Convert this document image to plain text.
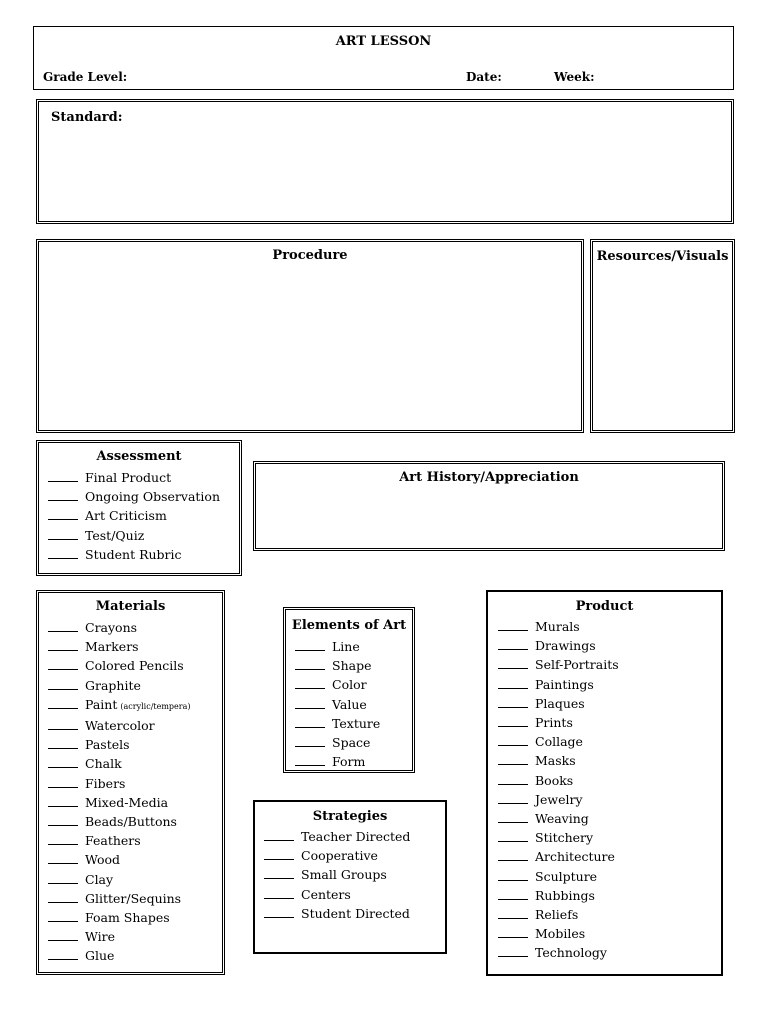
ART LESSON
Grade Level:	Date:	Week:
Standard:
Procedure	Resources/Visuals
Assessment
Final Product
Ongoing Observation
Art Criticism
Test/Quiz
Student Rubric
Art History/Appreciation
Materials
Crayons
Markers
Colored Pencils
Graphite
Paint (acrylic/tempera)
Watercolor
Pastels
Chalk
Fibers
Mixed-Media
Beads/Buttons
Feathers
Wood
Clay
Glitter/Sequins
Foam Shapes
Wire
Glue
Elements of Art
Line
Shape
Color
Value
Texture
Space
Form
Strategies
Teacher Directed
Cooperative
Small Groups
Centers
Student Directed
Product
Murals
Drawings
Self-Portraits
Paintings
Plaques
Prints
Collage
Masks
Books
Jewelry
Weaving
Stitchery
Architecture
Sculpture
Rubbings
Reliefs
Mobiles
Technology
